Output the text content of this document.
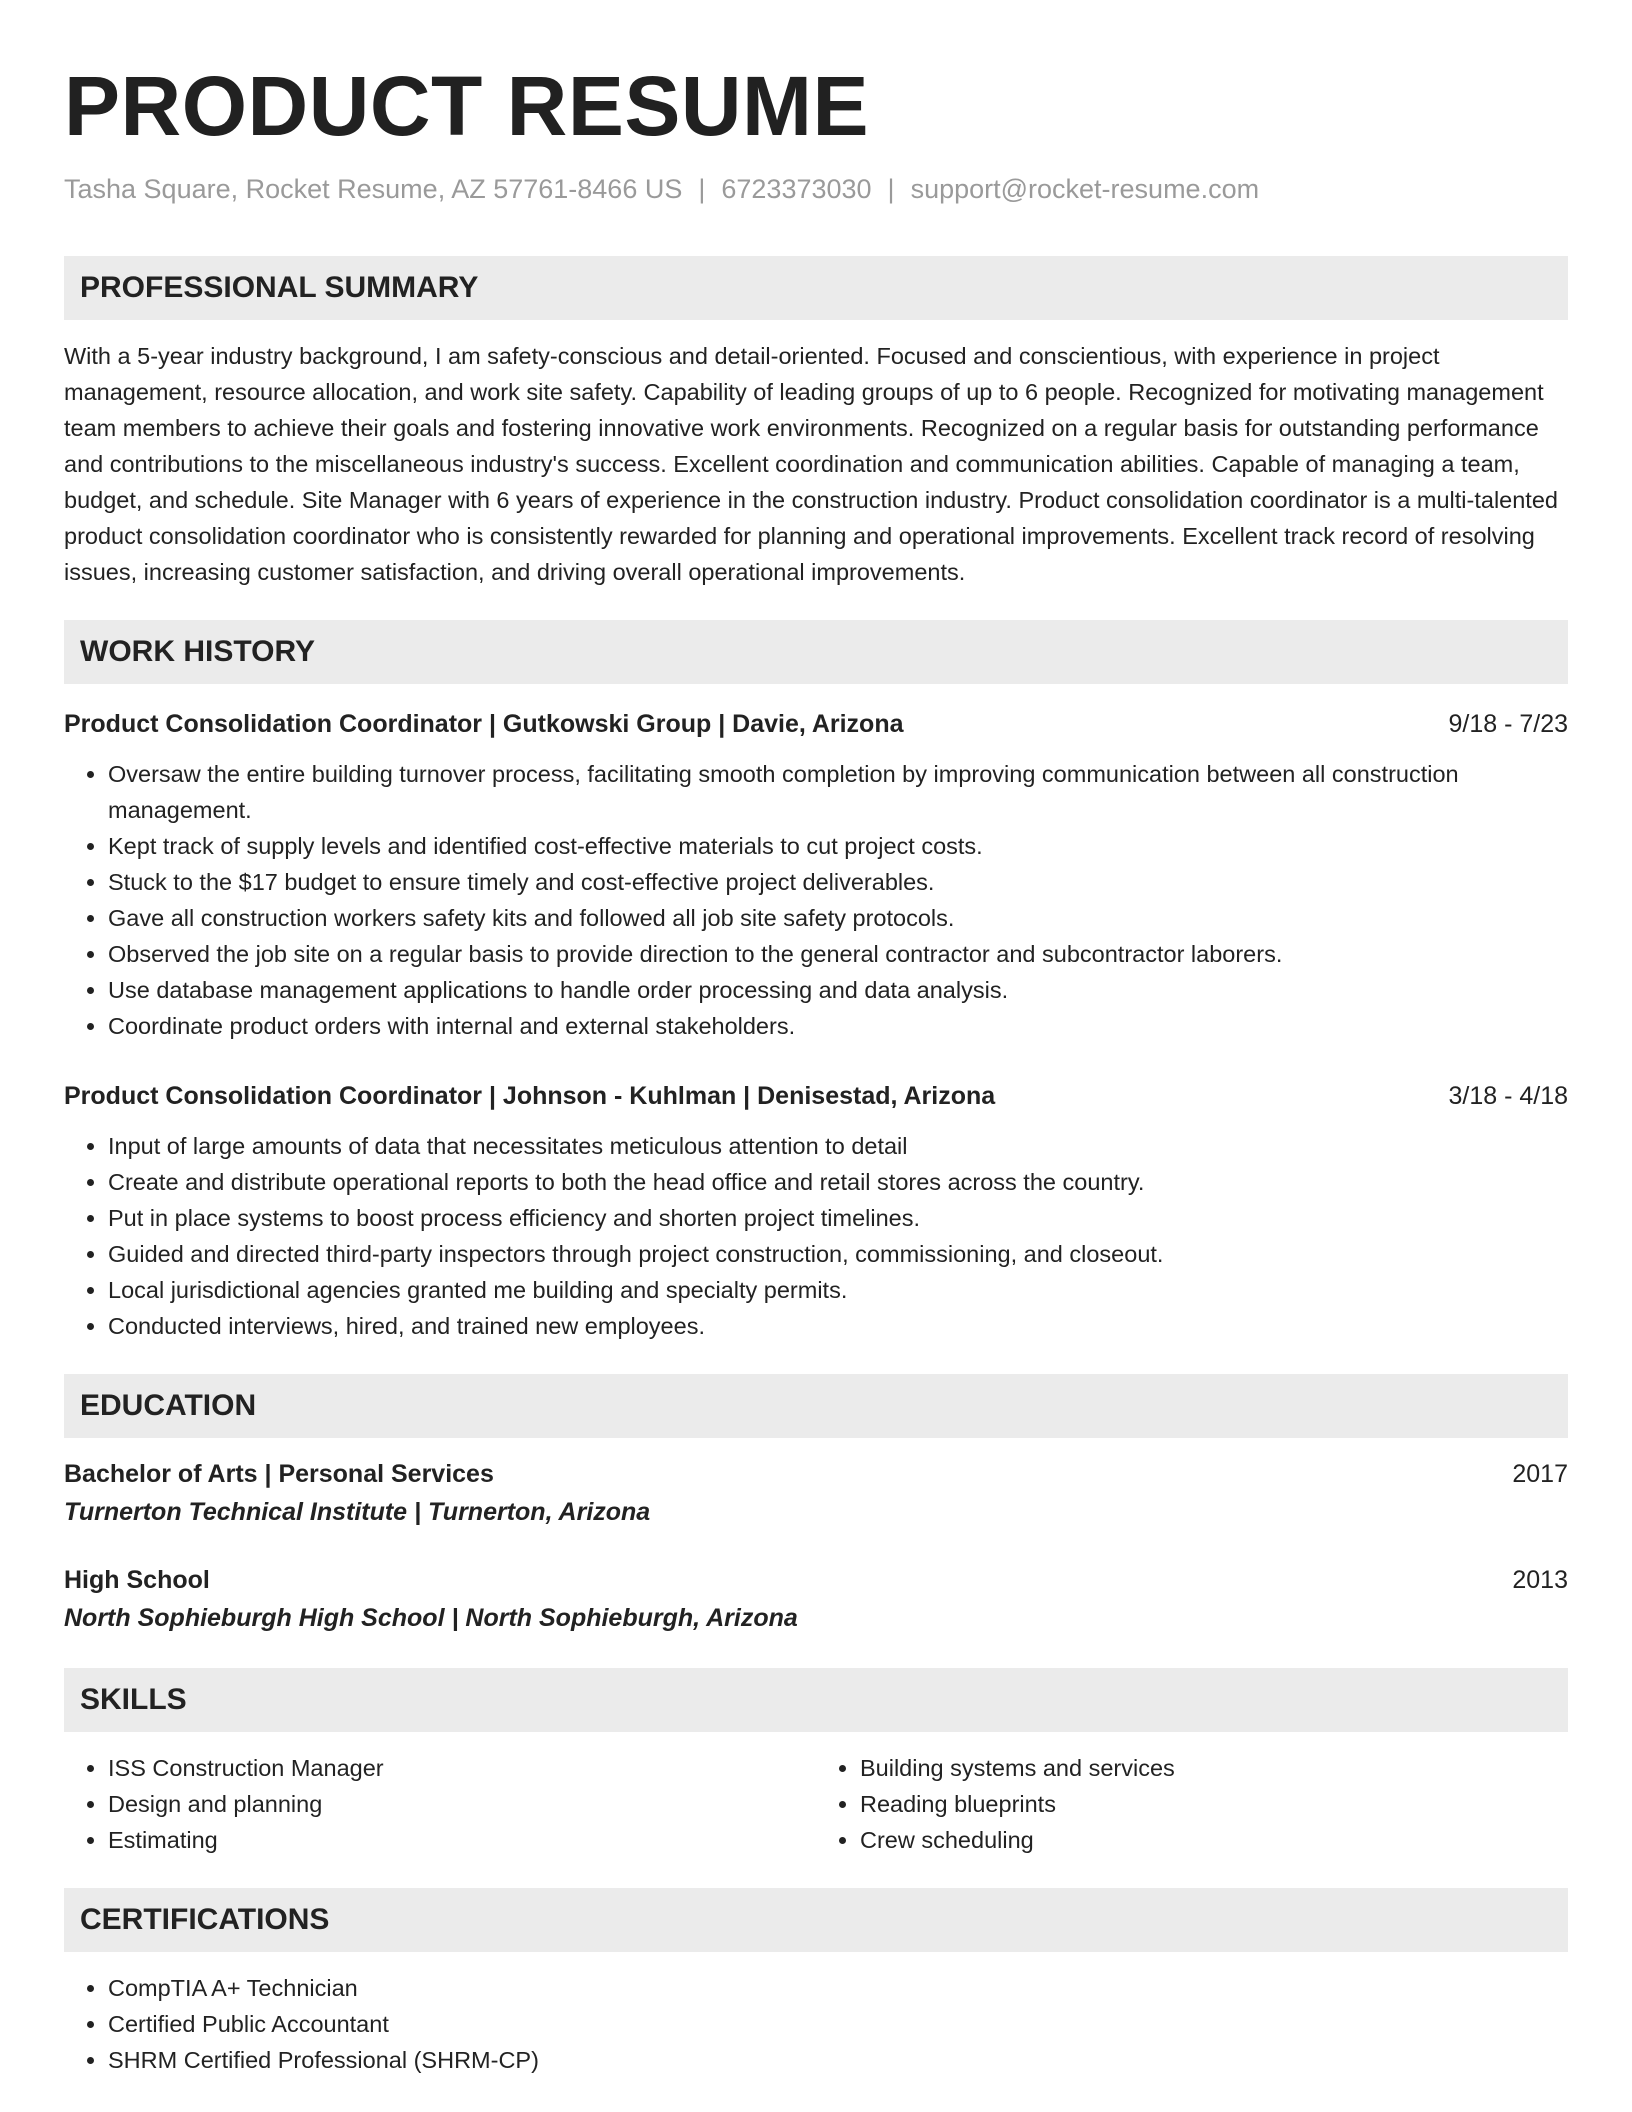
PRODUCT RESUME
Tasha Square, Rocket Resume, AZ 57761-8466 US | 6723373030 | support@rocket-resume.com
PROFESSIONAL SUMMARY

With a 5-year industry background, I am safety-conscious and detail-oriented. Focused and conscientious, with experience in project management, resource allocation, and work site safety. Capability of leading groups of up to 6 people. Recognized for motivating management team members to achieve their goals and fostering innovative work environments. Recognized on a regular basis for outstanding performance and contributions to the miscellaneous industry's success. Excellent coordination and communication abilities. Capable of managing a team, budget, and schedule. Site Manager with 6 years of experience in the construction industry. Product consolidation coordinator is a multi-talented product consolidation coordinator who is consistently rewarded for planning and operational improvements. Excellent track record of resolving issues, increasing customer satisfaction, and driving overall operational improvements.

WORK HISTORY
Product Consolidation Coordinator | Gutkowski Group | Davie, Arizona	9/18 - 7/23
• Oversaw the entire building turnover process, facilitating smooth completion by improving communication between all construction management.
• Kept track of supply levels and identified cost-effective materials to cut project costs.
• Stuck to the $17 budget to ensure timely and cost-effective project deliverables.
• Gave all construction workers safety kits and followed all job site safety protocols.
• Observed the job site on a regular basis to provide direction to the general contractor and subcontractor laborers.
• Use database management applications to handle order processing and data analysis.
• Coordinate product orders with internal and external stakeholders.
Product Consolidation Coordinator | Johnson - Kuhlman | Denisestad, Arizona	3/18 - 4/18
• Input of large amounts of data that necessitates meticulous attention to detail
• Create and distribute operational reports to both the head office and retail stores across the country.
• Put in place systems to boost process efficiency and shorten project timelines.
• Guided and directed third-party inspectors through project construction, commissioning, and closeout.
• Local jurisdictional agencies granted me building and specialty permits.
• Conducted interviews, hired, and trained new employees.
EDUCATION
Bachelor of Arts | Personal Services	2017
Turnerton Technical Institute | Turnerton, Arizona
High School	2013
North Sophieburgh High School | North Sophieburgh, Arizona
SKILLS
• ISS Construction Manager
• Design and planning
• Estimating
• Building systems and services
• Reading blueprints
• Crew scheduling
CERTIFICATIONS
• CompTIA A+ Technician
• Certified Public Accountant
• SHRM Certified Professional (SHRM-CP)
